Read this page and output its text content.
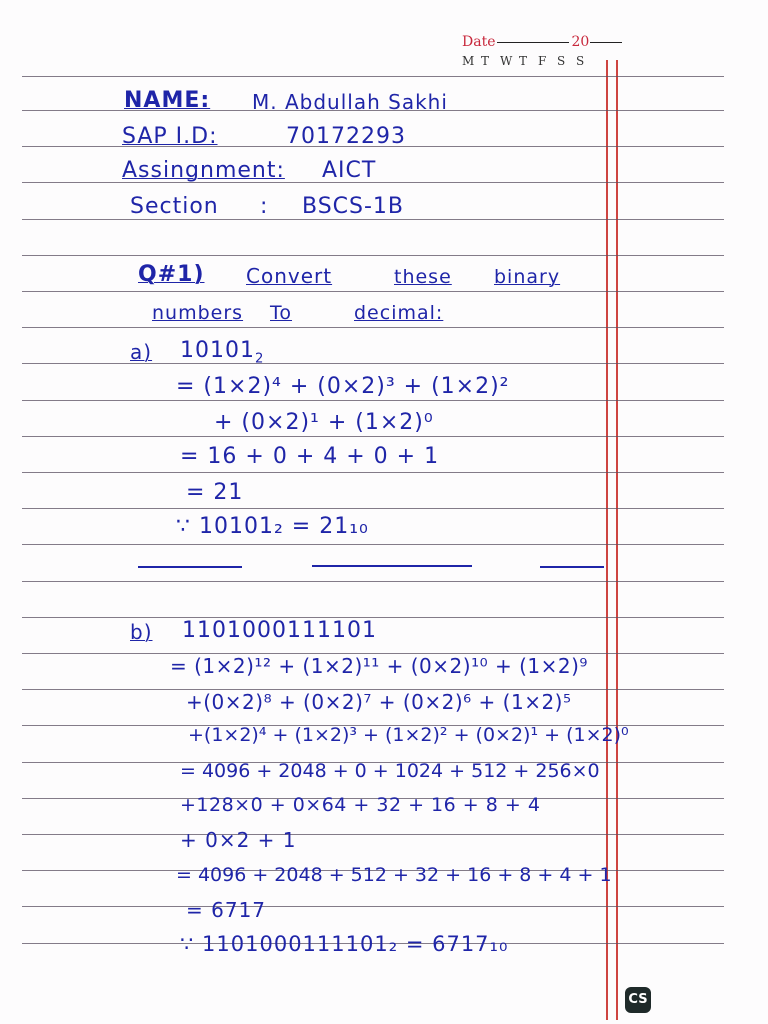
Date	20
M T W T F S S
NAME: M. Abdullah Sakhi
SAP I.D:	70172293
Assingnment: AICT
Section : BSCS-1B
Q#1) Convert	these binary
numbers To	decimal:
a) $10101_2$
= (1×2)⁴ + (0×2)³ + (1×2)²
+ (0×2)¹ + (1×2)⁰
= 16 + 0 + 4 + 0 + 1
= 21
∵ 10101₂ = 21₁₀
b) 1101000111101
= (1×2)¹² + (1×2)¹¹ + (0×2)¹⁰ + (1×2)⁹
+(0×2)⁸ + (0×2)⁷ + (0×2)⁶ + (1×2)⁵
+(1×2)⁴ + (1×2)³ + (1×2)² + (0×2)¹ + (1×2)⁰
= 4096 + 2048 + 0 + 1024 + 512 + 256×0
+128×0 + 0×64 + 32 + 16 + 8 + 4
+ 0×2 + 1
= 4096 + 2048 + 512 + 32 + 16 + 8 + 4 + 1
= 6717
∵ 1101000111101₂ = 6717₁₀
CS
